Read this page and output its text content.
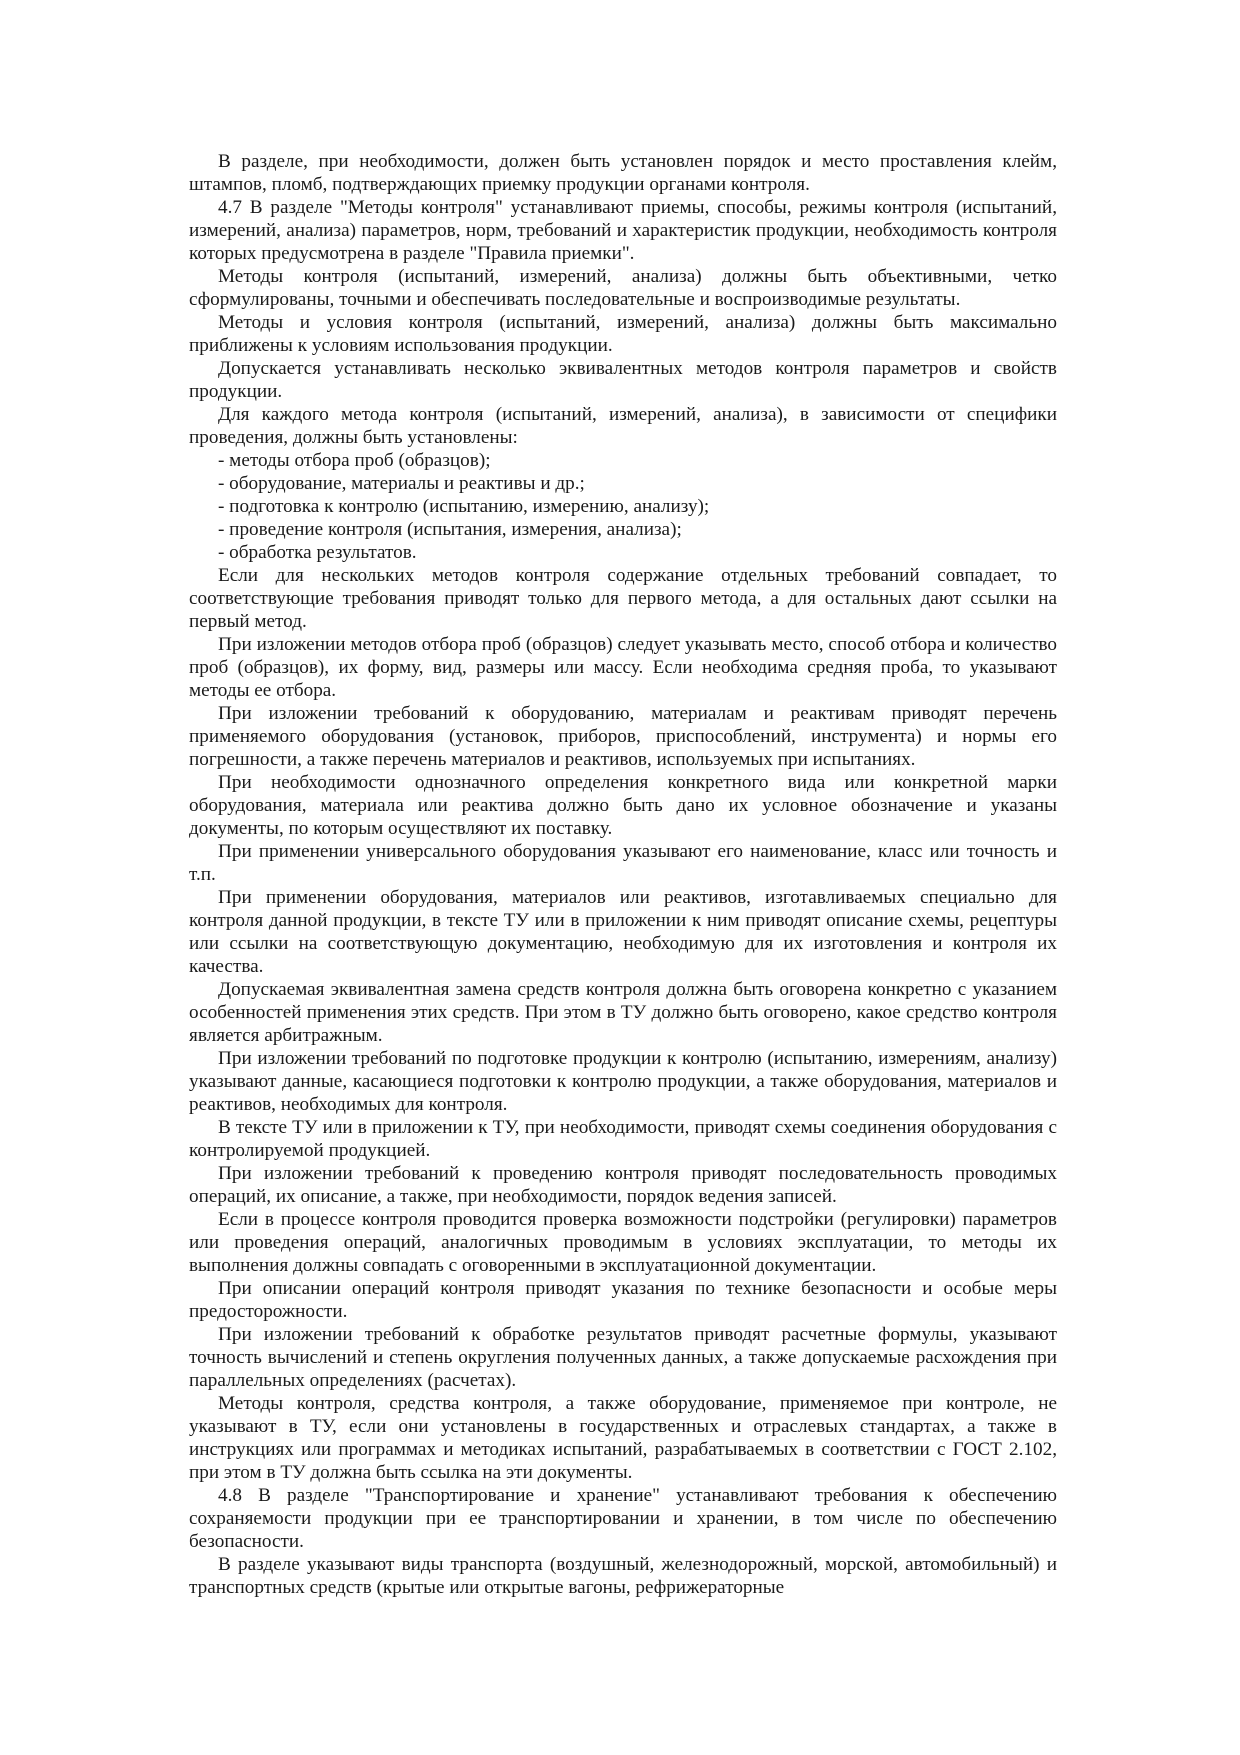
В разделе, при необходимости, должен быть установлен порядок и место проставления клейм, штампов, пломб, подтверждающих приемку продукции органами контроля.

4.7 В разделе "Методы контроля" устанавливают приемы, способы, режимы контроля (испытаний, измерений, анализа) параметров, норм, требований и характеристик продукции, необходимость контроля которых предусмотрена в разделе "Правила приемки".

Методы контроля (испытаний, измерений, анализа) должны быть объективными, четко сформулированы, точными и обеспечивать последовательные и воспроизводимые результаты.

Методы и условия контроля (испытаний, измерений, анализа) должны быть максимально приближены к условиям использования продукции.

Допускается устанавливать несколько эквивалентных методов контроля параметров и свойств продукции.

Для каждого метода контроля (испытаний, измерений, анализа), в зависимости от специфики проведения, должны быть установлены:

- методы отбора проб (образцов);

- оборудование, материалы и реактивы и др.;

- подготовка к контролю (испытанию, измерению, анализу);

- проведение контроля (испытания, измерения, анализа);

- обработка результатов.

Если для нескольких методов контроля содержание отдельных требований совпадает, то соответствующие требования приводят только для первого метода, а для остальных дают ссылки на первый метод.

При изложении методов отбора проб (образцов) следует указывать место, способ отбора и количество проб (образцов), их форму, вид, размеры или массу. Если необходима средняя проба, то указывают методы ее отбора.

При изложении требований к оборудованию, материалам и реактивам приводят перечень применяемого оборудования (установок, приборов, приспособлений, инструмента) и нормы его погрешности, а также перечень материалов и реактивов, используемых при испытаниях.

При необходимости однозначного определения конкретного вида или конкретной марки оборудования, материала или реактива должно быть дано их условное обозначение и указаны документы, по которым осуществляют их поставку.

При применении универсального оборудования указывают его наименование, класс или точность и т.п.

При применении оборудования, материалов или реактивов, изготавливаемых специально для контроля данной продукции, в тексте ТУ или в приложении к ним приводят описание схемы, рецептуры или ссылки на соответствующую документацию, необходимую для их изготовления и контроля их качества.

Допускаемая эквивалентная замена средств контроля должна быть оговорена конкретно с указанием особенностей применения этих средств. При этом в ТУ должно быть оговорено, какое средство контроля является арбитражным.

При изложении требований по подготовке продукции к контролю (испытанию, измерениям, анализу) указывают данные, касающиеся подготовки к контролю продукции, а также оборудования, материалов и реактивов, необходимых для контроля.

В тексте ТУ или в приложении к ТУ, при необходимости, приводят схемы соединения оборудования с контролируемой продукцией.

При изложении требований к проведению контроля приводят последовательность проводимых операций, их описание, а также, при необходимости, порядок ведения записей.

Если в процессе контроля проводится проверка возможности подстройки (регулировки) параметров или проведения операций, аналогичных проводимым в условиях эксплуатации, то методы их выполнения должны совпадать с оговоренными в эксплуатационной документации.

При описании операций контроля приводят указания по технике безопасности и особые меры предосторожности.

При изложении требований к обработке результатов приводят расчетные формулы, указывают точность вычислений и степень округления полученных данных, а также допускаемые расхождения при параллельных определениях (расчетах).

Методы контроля, средства контроля, а также оборудование, применяемое при контроле, не указывают в ТУ, если они установлены в государственных и отраслевых стандартах, а также в инструкциях или программах и методиках испытаний, разрабатываемых в соответствии с ГОСТ 2.102, при этом в ТУ должна быть ссылка на эти документы.

4.8 В разделе "Транспортирование и хранение" устанавливают требования к обеспечению сохраняемости продукции при ее транспортировании и хранении, в том числе по обеспечению безопасности.

В разделе указывают виды транспорта (воздушный, железнодорожный, морской, автомобильный) и транспортных средств (крытые или открытые вагоны, рефрижераторные
